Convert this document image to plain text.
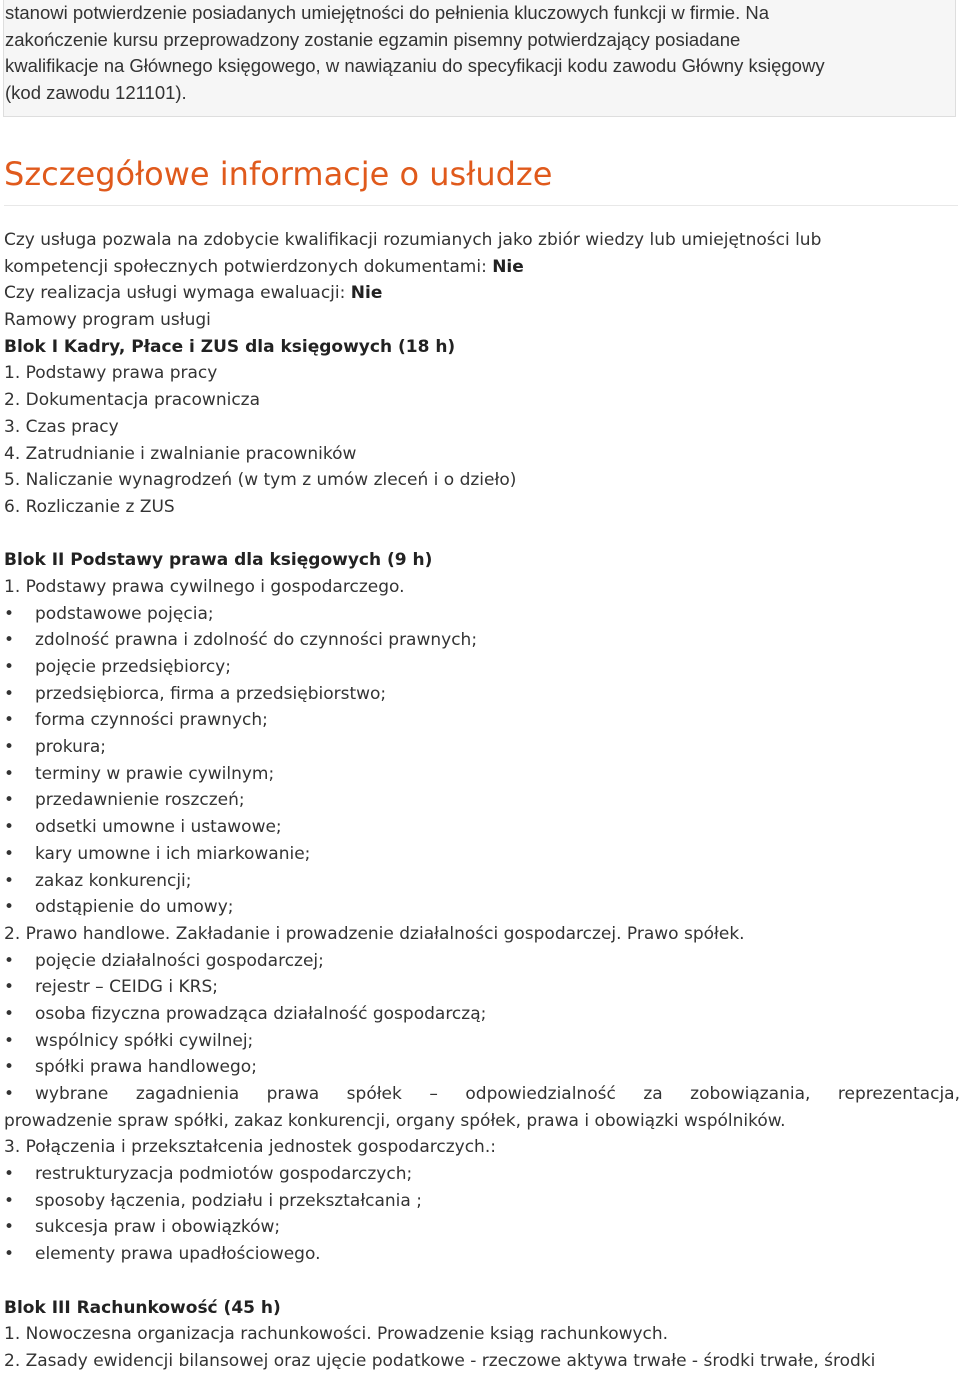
stanowi potwierdzenie posiadanych umiejętności do pełnienia kluczowych funkcji w firmie. Na
zakończenie kursu przeprowadzony zostanie egzamin pisemny potwierdzający posiadane
kwalifikacje na Głównego księgowego, w nawiązaniu do specyfikacji kodu zawodu Główny księgowy
(kod zawodu 121101).
Szczegółowe informacje o usłudze
Czy usługa pozwala na zdobycie kwalifikacji rozumianych jako zbiór wiedzy lub umiejętności lub
kompetencji społecznych potwierdzonych dokumentami: Nie
Czy realizacja usługi wymaga ewaluacji: Nie
Ramowy program usługi
Blok I Kadry, Płace i ZUS dla księgowych (18 h)
1. Podstawy prawa pracy
2. Dokumentacja pracownicza
3. Czas pracy
4. Zatrudnianie i zwalnianie pracowników
5. Naliczanie wynagrodzeń (w tym z umów zleceń i o dzieło)
6. Rozliczanie z ZUS
Blok II Podstawy prawa dla księgowych (9 h)
1. Podstawy prawa cywilnego i gospodarczego.
• podstawowe pojęcia;
• zdolność prawna i zdolność do czynności prawnych;
• pojęcie przedsiębiorcy;
• przedsiębiorca, firma a przedsiębiorstwo;
• forma czynności prawnych;
• prokura;
• terminy w prawie cywilnym;
• przedawnienie roszczeń;
• odsetki umowne i ustawowe;
• kary umowne i ich miarkowanie;
• zakaz konkurencji;
• odstąpienie do umowy;
2. Prawo handlowe. Zakładanie i prowadzenie działalności gospodarczej. Prawo spółek.
• pojęcie działalności gospodarczej;
• rejestr – CEIDG i KRS;
• osoba fizyczna prowadząca działalność gospodarczą;
• wspólnicy spółki cywilnej;
• spółki prawa handlowego;
• wybrane zagadnienia prawa spółek – odpowiedzialność za zobowiązania, reprezentacja,
prowadzenie spraw spółki, zakaz konkurencji, organy spółek, prawa i obowiązki wspólników.
3. Połączenia i przekształcenia jednostek gospodarczych.:
• restrukturyzacja podmiotów gospodarczych;
• sposoby łączenia, podziału i przekształcania ;
• sukcesja praw i obowiązków;
• elementy prawa upadłościowego.
Blok III Rachunkowość (45 h)
1. Nowoczesna organizacja rachunkowości. Prowadzenie ksiąg rachunkowych.
2. Zasady ewidencji bilansowej oraz ujęcie podatkowe - rzeczowe aktywa trwałe - środki trwałe, środki
